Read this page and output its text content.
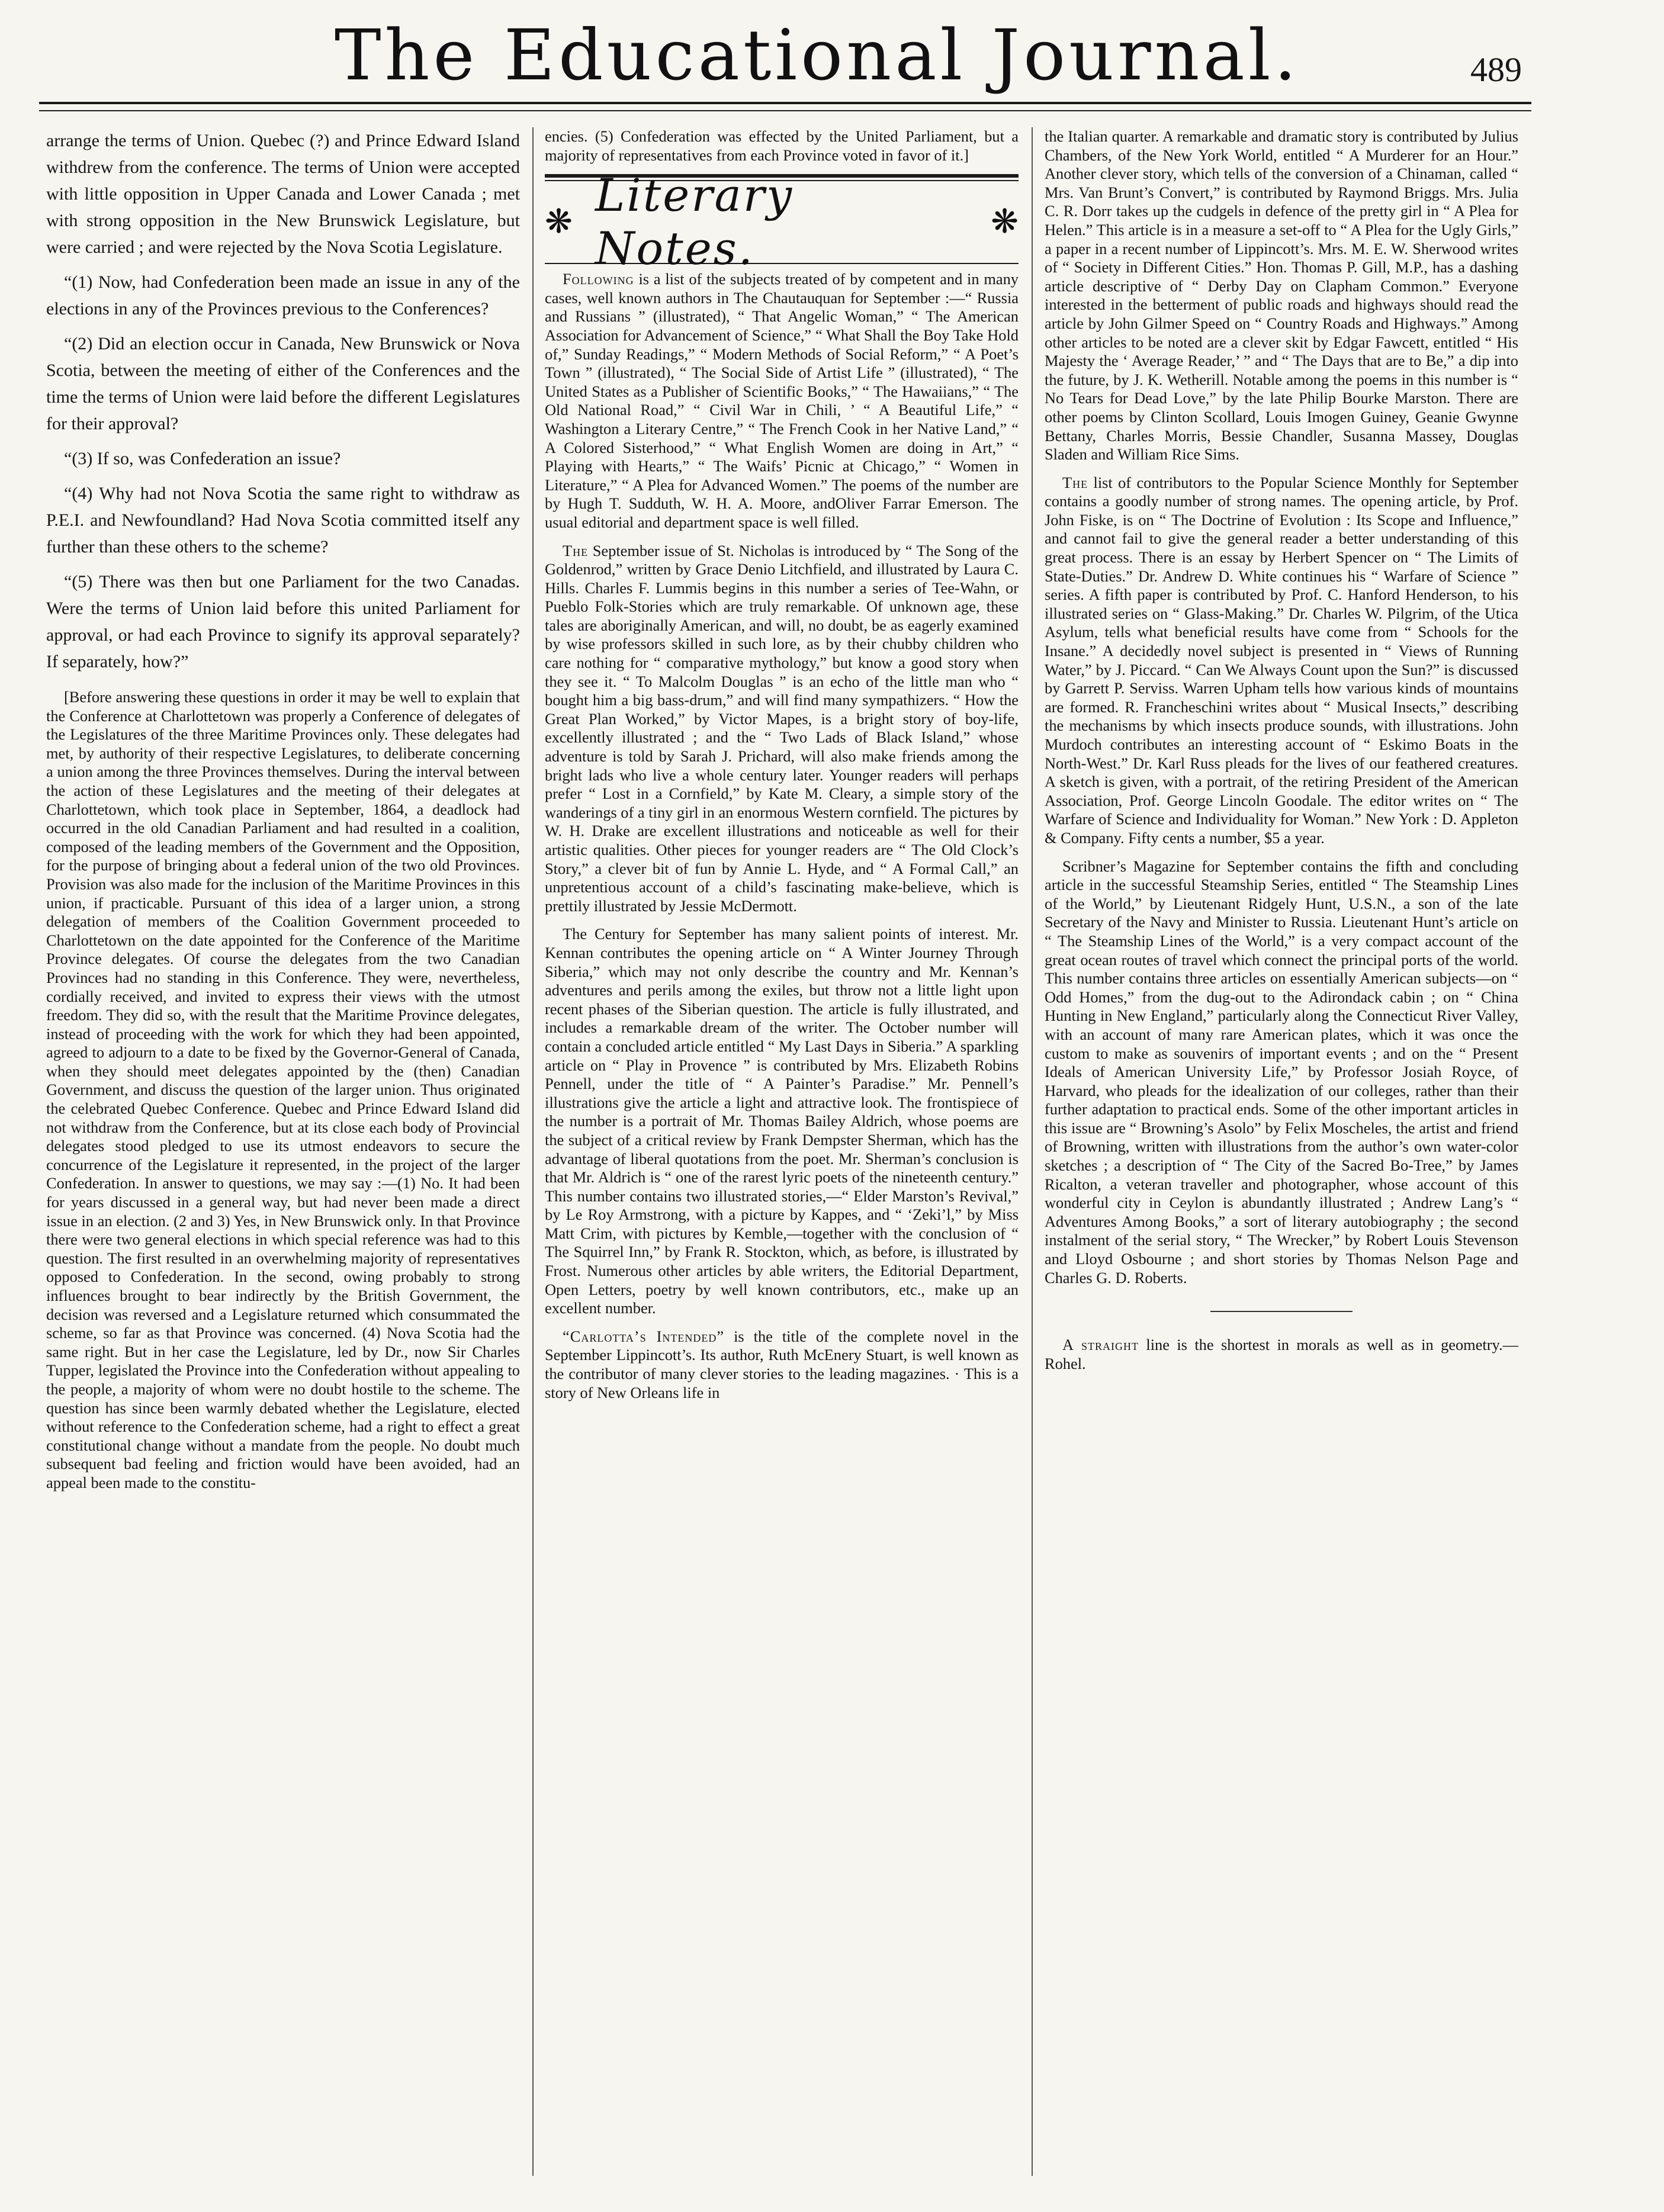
The Educational Journal.	489

arrange the terms of Union. Quebec (?) and Prince Edward Island withdrew from the conference. The terms of Union were accepted with little opposition in Upper Canada and Lower Canada ; met with strong opposition in the New Brunswick Legislature, but were carried ; and were rejected by the Nova Scotia Legislature.

“(1) Now, had Confederation been made an issue in any of the elections in any of the Provinces previous to the Conferences?

“(2) Did an election occur in Canada, New Brunswick or Nova Scotia, between the meeting of either of the Conferences and the time the terms of Union were laid before the different Legislatures for their approval?

“(3) If so, was Confederation an issue?

“(4) Why had not Nova Scotia the same right to withdraw as P.E.I. and Newfoundland? Had Nova Scotia committed itself any further than these others to the scheme?

“(5) There was then but one Parliament for the two Canadas. Were the terms of Union laid before this united Parliament for approval, or had each Province to signify its approval separately? If separately, how?”

[Before answering these questions in order it may be well to explain that the Conference at Charlottetown was properly a Conference of delegates of the Legislatures of the three Maritime Provinces only. These delegates had met, by authority of their respective Legislatures, to deliberate concerning a union among the three Provinces themselves. During the interval between the action of these Legislatures and the meeting of their delegates at Charlottetown, which took place in September, 1864, a deadlock had occurred in the old Canadian Parliament and had resulted in a coalition, composed of the leading members of the Government and the Opposition, for the purpose of bringing about a federal union of the two old Provinces. Provision was also made for the inclusion of the Maritime Provinces in this union, if practicable. Pursuant of this idea of a larger union, a strong delegation of members of the Coalition Government proceeded to Charlottetown on the date appointed for the Conference of the Maritime Province delegates. Of course the delegates from the two Canadian Provinces had no standing in this Conference. They were, nevertheless, cordially received, and invited to express their views with the utmost freedom. They did so, with the result that the Maritime Province delegates, instead of proceeding with the work for which they had been appointed, agreed to adjourn to a date to be fixed by the Governor-General of Canada, when they should meet delegates appointed by the (then) Canadian Government, and discuss the question of the larger union. Thus originated the celebrated Quebec Conference. Quebec and Prince Edward Island did not withdraw from the Conference, but at its close each body of Provincial delegates stood pledged to use its utmost endeavors to secure the concurrence of the Legislature it represented, in the project of the larger Confederation. In answer to questions, we may say :—(1) No. It had been for years discussed in a general way, but had never been made a direct issue in an election. (2 and 3) Yes, in New Brunswick only. In that Province there were two general elections in which special reference was had to this question. The first resulted in an overwhelming majority of representatives opposed to Confederation. In the second, owing probably to strong influences brought to bear indirectly by the British Government, the decision was reversed and a Legislature returned which consummated the scheme, so far as that Province was concerned. (4) Nova Scotia had the same right. But in her case the Legislature, led by Dr., now Sir Charles Tupper, legislated the Province into the Confederation without appealing to the people, a majority of whom were no doubt hostile to the scheme. The question has since been warmly debated whether the Legislature, elected without reference to the Confederation scheme, had a right to effect a great constitutional change without a mandate from the people. No doubt much subsequent bad feeling and friction would have been avoided, had an appeal been made to the constitu-

encies. (5) Confederation was effected by the United Parliament, but a majority of representatives from each Province voted in favor of it.]

❋
Literary Notes.	❋

Following is a list of the subjects treated of by competent and in many cases, well known authors in The Chautauquan for September :—“ Russia and Russians ” (illustrated), “ That Angelic Woman,” “ The American Association for Advancement of Science,” “ What Shall the Boy Take Hold of,” Sunday Readings,” “ Modern Methods of Social Reform,” “ A Poet’s Town ” (illustrated), “ The Social Side of Artist Life ” (illustrated), “ The United States as a Publisher of Scientific Books,” “ The Hawaiians,” “ The Old National Road,” “ Civil War in Chili, ’ “ A Beautiful Life,” “ Washington a Literary Centre,” “ The French Cook in her Native Land,” “ A Colored Sisterhood,” “ What English Women are doing in Art,” “ Playing with Hearts,” “ The Waifs’ Picnic at Chicago,” “ Women in Literature,” “ A Plea for Advanced Women.” The poems of the number are by Hugh T. Sudduth, W. H. A. Moore, andOliver Farrar Emerson. The usual editorial and department space is well filled.

The September issue of St. Nicholas is introduced by “ The Song of the Goldenrod,” written by Grace Denio Litchfield, and illustrated by Laura C. Hills. Charles F. Lummis begins in this number a series of Tee-Wahn, or Pueblo Folk-Stories which are truly remarkable. Of unknown age, these tales are aboriginally American, and will, no doubt, be as eagerly examined by wise professors skilled in such lore, as by their chubby children who care nothing for “ comparative mythology,” but know a good story when they see it. “ To Malcolm Douglas ” is an echo of the little man who “ bought him a big bass-drum,” and will find many sympathizers. “ How the Great Plan Worked,” by Victor Mapes, is a bright story of boy-life, excellently illustrated ; and the “ Two Lads of Black Island,” whose adventure is told by Sarah J. Prichard, will also make friends among the bright lads who live a whole century later. Younger readers will perhaps prefer “ Lost in a Cornfield,” by Kate M. Cleary, a simple story of the wanderings of a tiny girl in an enormous Western cornfield. The pictures by W. H. Drake are excellent illustrations and noticeable as well for their artistic qualities. Other pieces for younger readers are “ The Old Clock’s Story,” a clever bit of fun by Annie L. Hyde, and “ A Formal Call,” an unpretentious account of a child’s fascinating make-believe, which is prettily illustrated by Jessie McDermott.

The Century for September has many salient points of interest. Mr. Kennan contributes the opening article on “ A Winter Journey Through Siberia,” which may not only describe the country and Mr. Kennan’s adventures and perils among the exiles, but throw not a little light upon recent phases of the Siberian question. The article is fully illustrated, and includes a remarkable dream of the writer. The October number will contain a concluded article entitled “ My Last Days in Siberia.” A sparkling article on “ Play in Provence ” is contributed by Mrs. Elizabeth Robins Pennell, under the title of “ A Painter’s Paradise.” Mr. Pennell’s illustrations give the article a light and attractive look. The frontispiece of the number is a portrait of Mr. Thomas Bailey Aldrich, whose poems are the subject of a critical review by Frank Dempster Sherman, which has the advantage of liberal quotations from the poet. Mr. Sherman’s conclusion is that Mr. Aldrich is “ one of the rarest lyric poets of the nineteenth century.” This number contains two illustrated stories,—“ Elder Marston’s Revival,” by Le Roy Armstrong, with a picture by Kappes, and “ ‘Zeki’l,” by Miss Matt Crim, with pictures by Kemble,—together with the conclusion of “ The Squirrel Inn,” by Frank R. Stockton, which, as before, is illustrated by Frost. Numerous other articles by able writers, the Editorial Department, Open Letters, poetry by well known contributors, etc., make up an excellent number.

“Carlotta’s Intended” is the title of the complete novel in the September Lippincott’s. Its author, Ruth McEnery Stuart, is well known as the contributor of many clever stories to the leading magazines. · This is a story of New Orleans life in

the Italian quarter. A remarkable and dramatic story is contributed by Julius Chambers, of the New York World, entitled “ A Murderer for an Hour.” Another clever story, which tells of the conversion of a Chinaman, called “ Mrs. Van Brunt’s Convert,” is contributed by Raymond Briggs. Mrs. Julia C. R. Dorr takes up the cudgels in defence of the pretty girl in “ A Plea for Helen.” This article is in a measure a set-off to “ A Plea for the Ugly Girls,” a paper in a recent number of Lippincott’s. Mrs. M. E. W. Sherwood writes of “ Society in Different Cities.” Hon. Thomas P. Gill, M.P., has a dashing article descriptive of “ Derby Day on Clapham Common.” Everyone interested in the betterment of public roads and highways should read the article by John Gilmer Speed on “ Country Roads and Highways.” Among other articles to be noted are a clever skit by Edgar Fawcett, entitled “ His Majesty the ‘ Average Reader,’ ” and “ The Days that are to Be,” a dip into the future, by J. K. Wetherill. Notable among the poems in this number is “ No Tears for Dead Love,” by the late Philip Bourke Marston. There are other poems by Clinton Scollard, Louis Imogen Guiney, Geanie Gwynne Bettany, Charles Morris, Bessie Chandler, Susanna Massey, Douglas Sladen and William Rice Sims.

The list of contributors to the Popular Science Monthly for September contains a goodly number of strong names. The opening article, by Prof. John Fiske, is on “ The Doctrine of Evolution : Its Scope and Influence,” and cannot fail to give the general reader a better understanding of this great process. There is an essay by Herbert Spencer on “ The Limits of State-Duties.” Dr. Andrew D. White continues his “ Warfare of Science ” series. A fifth paper is contributed by Prof. C. Hanford Henderson, to his illustrated series on “ Glass-Making.” Dr. Charles W. Pilgrim, of the Utica Asylum, tells what beneficial results have come from “ Schools for the Insane.” A decidedly novel subject is presented in “ Views of Running Water,” by J. Piccard. “ Can We Always Count upon the Sun?” is discussed by Garrett P. Serviss. Warren Upham tells how various kinds of mountains are formed. R. Francheschini writes about “ Musical Insects,” describing the mechanisms by which insects produce sounds, with illustrations. John Murdoch contributes an interesting account of “ Eskimo Boats in the North-West.” Dr. Karl Russ pleads for the lives of our feathered creatures. A sketch is given, with a portrait, of the retiring President of the American Association, Prof. George Lincoln Goodale. The editor writes on “ The Warfare of Science and Individuality for Woman.” New York : D. Appleton & Company. Fifty cents a number, $5 a year.

Scribner’s Magazine for September contains the fifth and concluding article in the successful Steamship Series, entitled “ The Steamship Lines of the World,” by Lieutenant Ridgely Hunt, U.S.N., a son of the late Secretary of the Navy and Minister to Russia. Lieutenant Hunt’s article on “ The Steamship Lines of the World,” is a very compact account of the great ocean routes of travel which connect the principal ports of the world. This number contains three articles on essentially American subjects—on “ Odd Homes,” from the dug-out to the Adirondack cabin ; on “ China Hunting in New England,” particularly along the Connecticut River Valley, with an account of many rare American plates, which it was once the custom to make as souvenirs of important events ; and on the “ Present Ideals of American University Life,” by Professor Josiah Royce, of Harvard, who pleads for the idealization of our colleges, rather than their further adaptation to practical ends. Some of the other important articles in this issue are “ Browning’s Asolo” by Felix Moscheles, the artist and friend of Browning, written with illustrations from the author’s own water-color sketches ; a description of “ The City of the Sacred Bo-Tree,” by James Ricalton, a veteran traveller and photographer, whose account of this wonderful city in Ceylon is abundantly illustrated ; Andrew Lang’s “ Adventures Among Books,” a sort of literary autobiography ; the second instalment of the serial story, “ The Wrecker,” by Robert Louis Stevenson and Lloyd Osbourne ; and short stories by Thomas Nelson Page and Charles G. D. Roberts.

A straight line is the shortest in morals as well as in geometry.—Rohel.
